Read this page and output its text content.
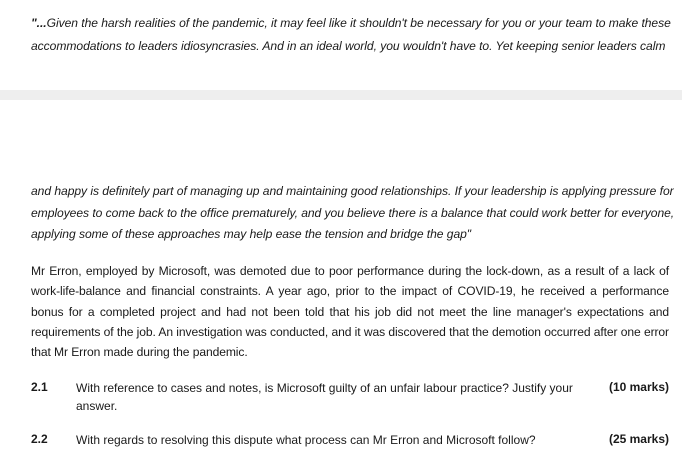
"...Given the harsh realities of the pandemic, it may feel like it shouldn't be necessary for you or your team to make these
accommodations to leaders idiosyncrasies. And in an ideal world, you wouldn't have to. Yet keeping senior leaders calm
and happy is definitely part of managing up and maintaining good relationships. If your leadership is applying pressure for
employees to come back to the office prematurely, and you believe there is a balance that could work better for everyone,
applying some of these approaches may help ease the tension and bridge the gap"
Mr Erron, employed by Microsoft, was demoted due to poor performance during the lock-down, as a result of a lack of work-life-balance and financial constraints. A year ago, prior to the impact of COVID-19, he received a performance bonus for a completed project and had not been told that his job did not meet the line manager's expectations and requirements of the job. An investigation was conducted, and it was discovered that the demotion occurred after one error that Mr Erron made during the pandemic.
2.1 With reference to cases and notes, is Microsoft guilty of an unfair labour practice? Justify your answer.
(10 marks)
2.2 With regards to resolving this dispute what process can Mr Erron and Microsoft follow?	(25 marks)
